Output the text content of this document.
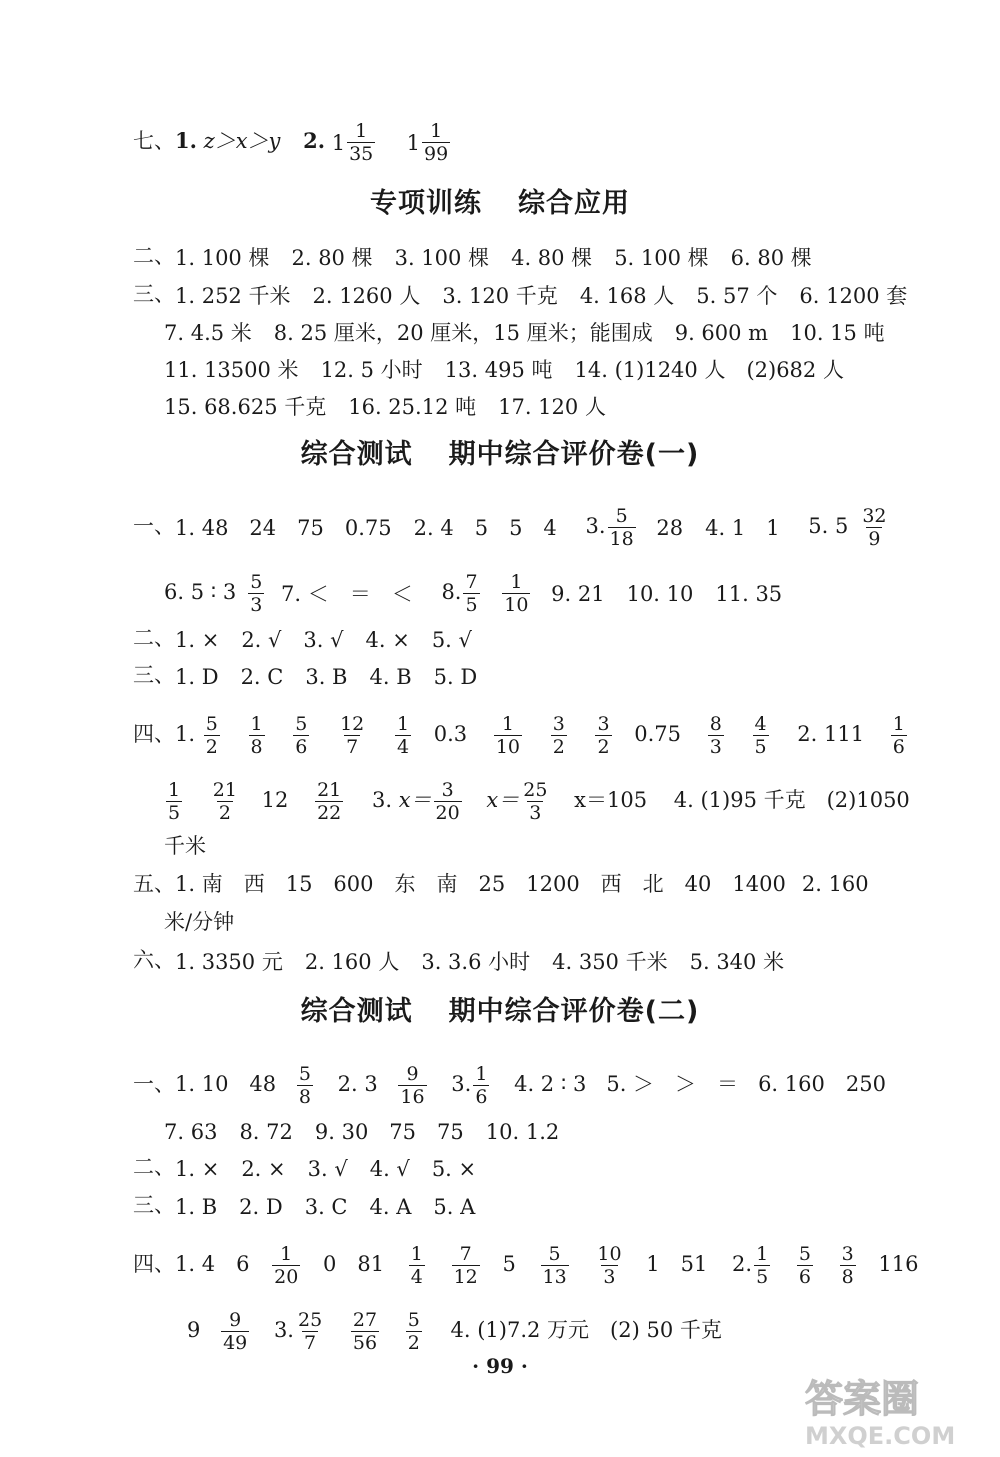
七、1. z＞x＞y 2. $1 \frac{1}{35}$
$1 \frac{1}{99}$
专项训练 综合应用
二、1. 100 棵 2. 80 棵 3. 100 棵 4. 80 棵 5. 100 棵 6. 80 棵
三、1. 252 千米 2. 1260 人 3. 120 千克 4. 168 人 5. 57 个 6. 1200 套
7. 4.5 米 8. 25 厘米，20 厘米，15 厘米；能围成 9. 600 m 10. 15 吨
11. 13500 米 12. 5 小时 13. 495 吨 14. (1)1240 人　(2)682 人
15. 68.625 千克 16. 25.12 吨 17. 120 人
综合测试 期中综合评价卷(一)
一、1. 48　24　75　0.75 2. 4　5　5　4 3. $\frac{5}{18} 28$ 4. 1　1 5. $5 \frac{32}{9}$
6. 5 ∶ $3 \frac{5}{3} 7$. ＜　＝　＜ 8. $\frac{7}{5}$
$\frac{1}{10} 9$. 21 10. 10 11. 35
二、1. × 2. √ 3. √ 4. × 5. √
三、1. D 2. C 3. B 4. B 5. D
四、1. $\frac{5}{2}$
$\frac{1}{8}$
$\frac{5}{6}$
$\frac{12}{7}$
$\frac{1}{4} 0.3 \frac{1}{10}$
$\frac{3}{2}$
$\frac{3}{2} 0.75 \frac{8}{3}$
$\frac{4}{5} 2$. $111 \frac{1}{6}$
$\frac{1}{5}$
$\frac{21}{2} 12 \frac{21}{22} 3$. $x= \frac{3}{20} x= \frac{25}{3} x=105$ 4. (1)95 千克　(2)1050
千米
五、1. 南　西　15　600　东　南　25　1200　西　北　40　1400 2. 160
米/分钟
六、1. 3350 元 2. 160 人 3. 3.6 小时 4. 350 千米 5. 340 米
综合测试 期中综合评价卷(二)
一、1. 10　$48 \frac{5}{8} 2$. $3 \frac{9}{16} 3$. $\frac{1}{6} 4$. 2 ∶ 3 5. ＞　＞　＝ 6. 160　250
7. 63 8. 72 9. 30　75　75 10. 1.2
二、1. × 2. × 3. √ 4. √ 5. ×
三、1. B 2. D 3. C 4. A 5. A
四、1. 4　$6 \frac{1}{20} 0$　$81 \frac{1}{4}$
$\frac{7}{12} 5 \frac{5}{13}$
$\frac{10}{3} 1$　51 2. $\frac{1}{5}$
$\frac{5}{6}$
$\frac{3}{8} 116$
$9 \frac{9}{49} 3$. $\frac{25}{7}$
$\frac{27}{56}$
$\frac{5}{2} 4$. (1)7.2 万元　(2) 50 千克
· 99 ·
答案圈
MXQE.COM
